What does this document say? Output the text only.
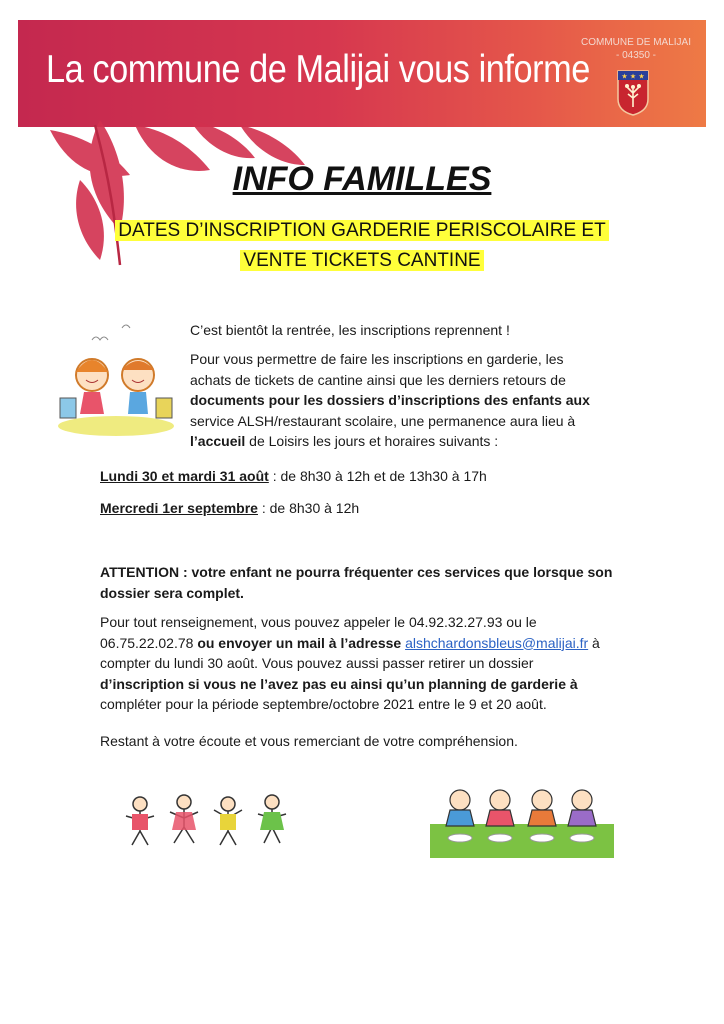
La commune de Malijai vous informe
COMMUNE DE MALIJAI
- 04350 -
★ ★ ★
INFO FAMILLES
DATES D’INSCRIPTION GARDERIE PERISCOLAIRE ET
VENTE TICKETS CANTINE
C’est bientôt la rentrée, les inscriptions reprennent !
Pour vous permettre de faire les inscriptions en garderie, les achats de tickets de cantine ainsi que les derniers retours de documents pour les dossiers d’inscriptions des enfants aux service ALSH/restaurant scolaire, une permanence aura lieu à l’accueil de Loisirs les jours et horaires suivants :
Lundi 30 et mardi 31 août : de 8h30 à 12h et de 13h30 à 17h
Mercredi 1er septembre : de 8h30 à 12h
ATTENTION : votre enfant ne pourra fréquenter ces services que lorsque son dossier sera complet.
Pour tout renseignement, vous pouvez appeler le 04.92.32.27.93 ou le 06.75.22.02.78 ou envoyer un mail à l’adresse alshchardonsbleus@malijai.fr à compter du lundi 30 août. Vous pouvez aussi passer retirer un dossier d’inscription si vous ne l’avez pas eu ainsi qu’un planning de garderie à compléter pour la période septembre/octobre 2021 entre le 9 et 20 août.
Restant à votre écoute et vous remerciant de votre compréhension.
